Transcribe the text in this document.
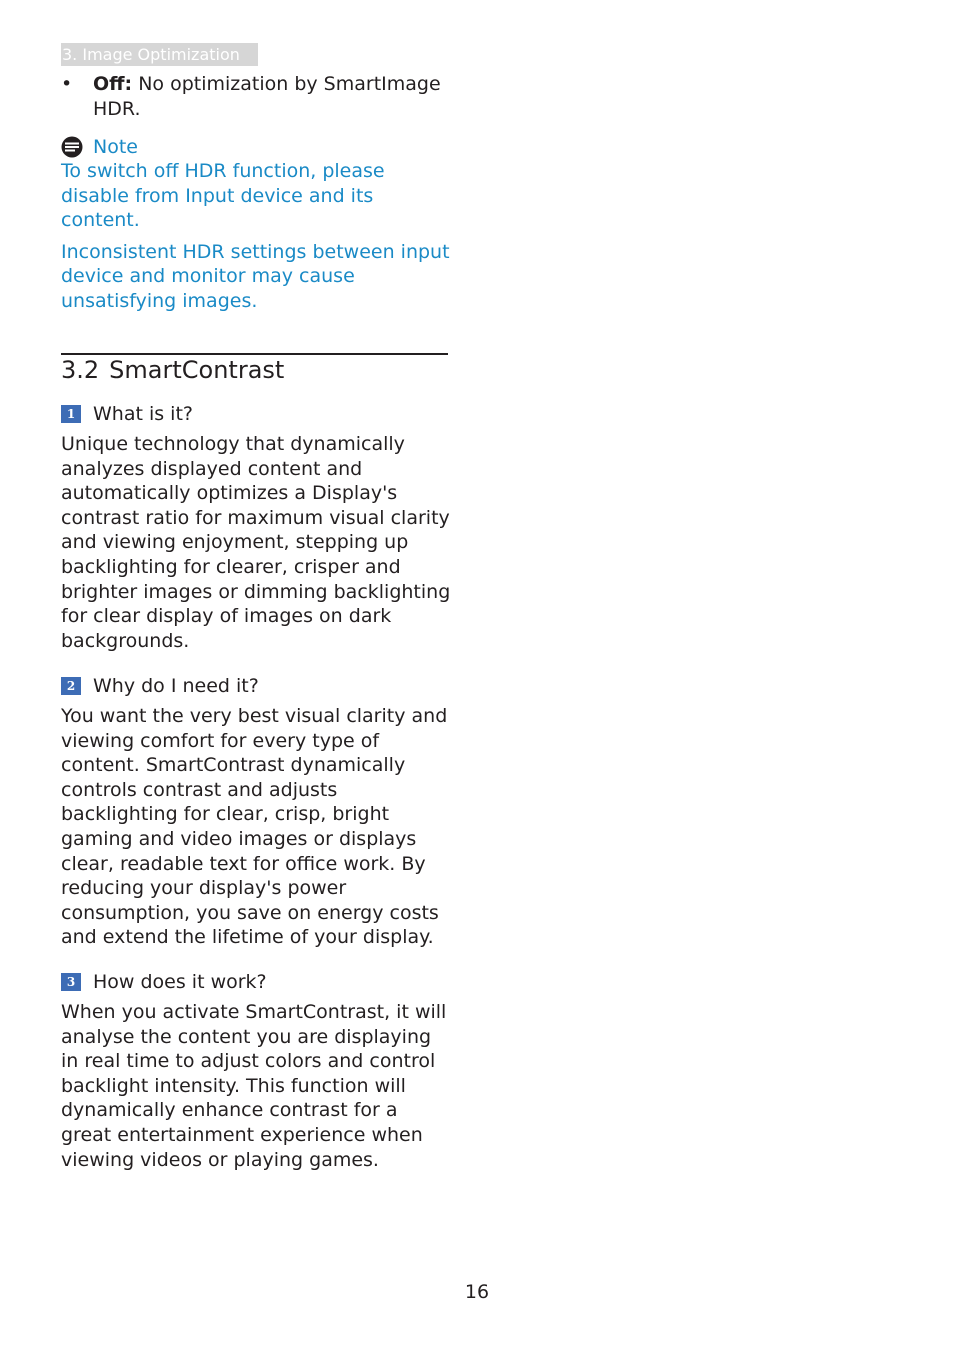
3. Image Optimization
• Off: No optimization by SmartImage HDR.
Note

To switch off HDR function, please disable from Input device and its content.

Inconsistent HDR settings between input device and monitor may cause unsatisfying images.

3.2 SmartContrast
1 What is it?

Unique technology that dynamically analyzes displayed content and automatically optimizes a Display's contrast ratio for maximum visual clarity and viewing enjoyment, stepping up backlighting for clearer, crisper and brighter images or dimming backlighting for clear display of images on dark backgrounds.

2 Why do I need it?

You want the very best visual clarity and viewing comfort for every type of content. SmartContrast dynamically controls contrast and adjusts backlighting for clear, crisp, bright gaming and video images or displays clear, readable text for office work. By reducing your display's power consumption, you save on energy costs and extend the lifetime of your display.

3 How does it work?

When you activate SmartContrast, it will analyse the content you are displaying in real time to adjust colors and control backlight intensity. This function will dynamically enhance contrast for a great entertainment experience when viewing videos or playing games.

16
